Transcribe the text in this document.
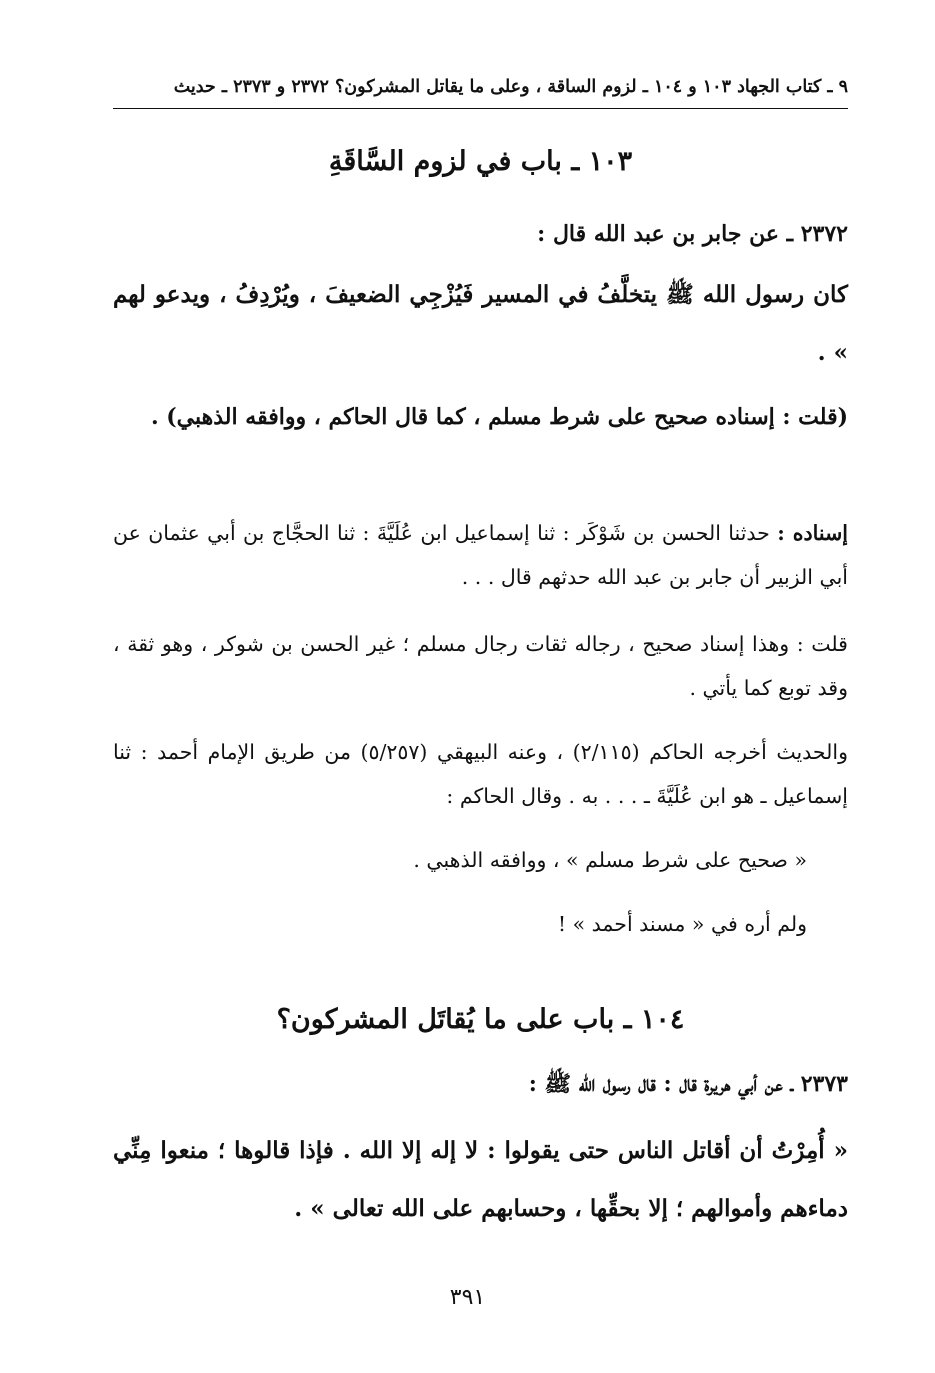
٩ ـ كتاب الجهاد ١٠٣ و ١٠٤ ـ لزوم الساقة ، وعلى ما يقاتل المشركون؟ ٢٣٧٢ و ٢٣٧٣ ـ حديث
١٠٣ ـ باب في لزوم السَّاقَةِ
٢٣٧٢ ـ عن جابر بن عبد الله قال :
كان رسول الله ﷺ يتخلَّفُ في المسير فَيُزْجِي الضعيفَ ، ويُرْدِفُ ، ويدعو لهم » .
(قلت : إسناده صحيح على شرط مسلم ، كما قال الحاكم ، ووافقه الذهبي) .
إسناده : حدثنا الحسن بن شَوْكَر : ثنا إسماعيل ابن عُلَيَّةَ : ثنا الحجَّاج بن أبي عثمان عن أبي الزبير أن جابر بن عبد الله حدثهم قال . . .
قلت : وهذا إسناد صحيح ، رجاله ثقات رجال مسلم ؛ غير الحسن بن شوكر ، وهو ثقة ، وقد توبع كما يأتي .
والحديث أخرجه الحاكم (٢/١١٥) ، وعنه البيهقي (٥/٢٥٧) من طريق الإمام أحمد : ثنا إسماعيل ـ هو ابن عُلَيَّةَ ـ . . . به . وقال الحاكم :
« صحيح على شرط مسلم » ، ووافقه الذهبي .
ولم أره في « مسند أحمد » !
١٠٤ ـ باب على ما يُقاتَل المشركون؟
٢٣٧٣ ـ عن أبي هريرة قال : قال رسول الله ﷺ :
« أُمِرْتُ أن أقاتل الناس حتى يقولوا : لا إله إلا الله . فإذا قالوها ؛ منعوا مِنِّي دماءهم وأموالهم ؛ إلا بحقِّها ، وحسابهم على الله تعالى » .
٣٩١
